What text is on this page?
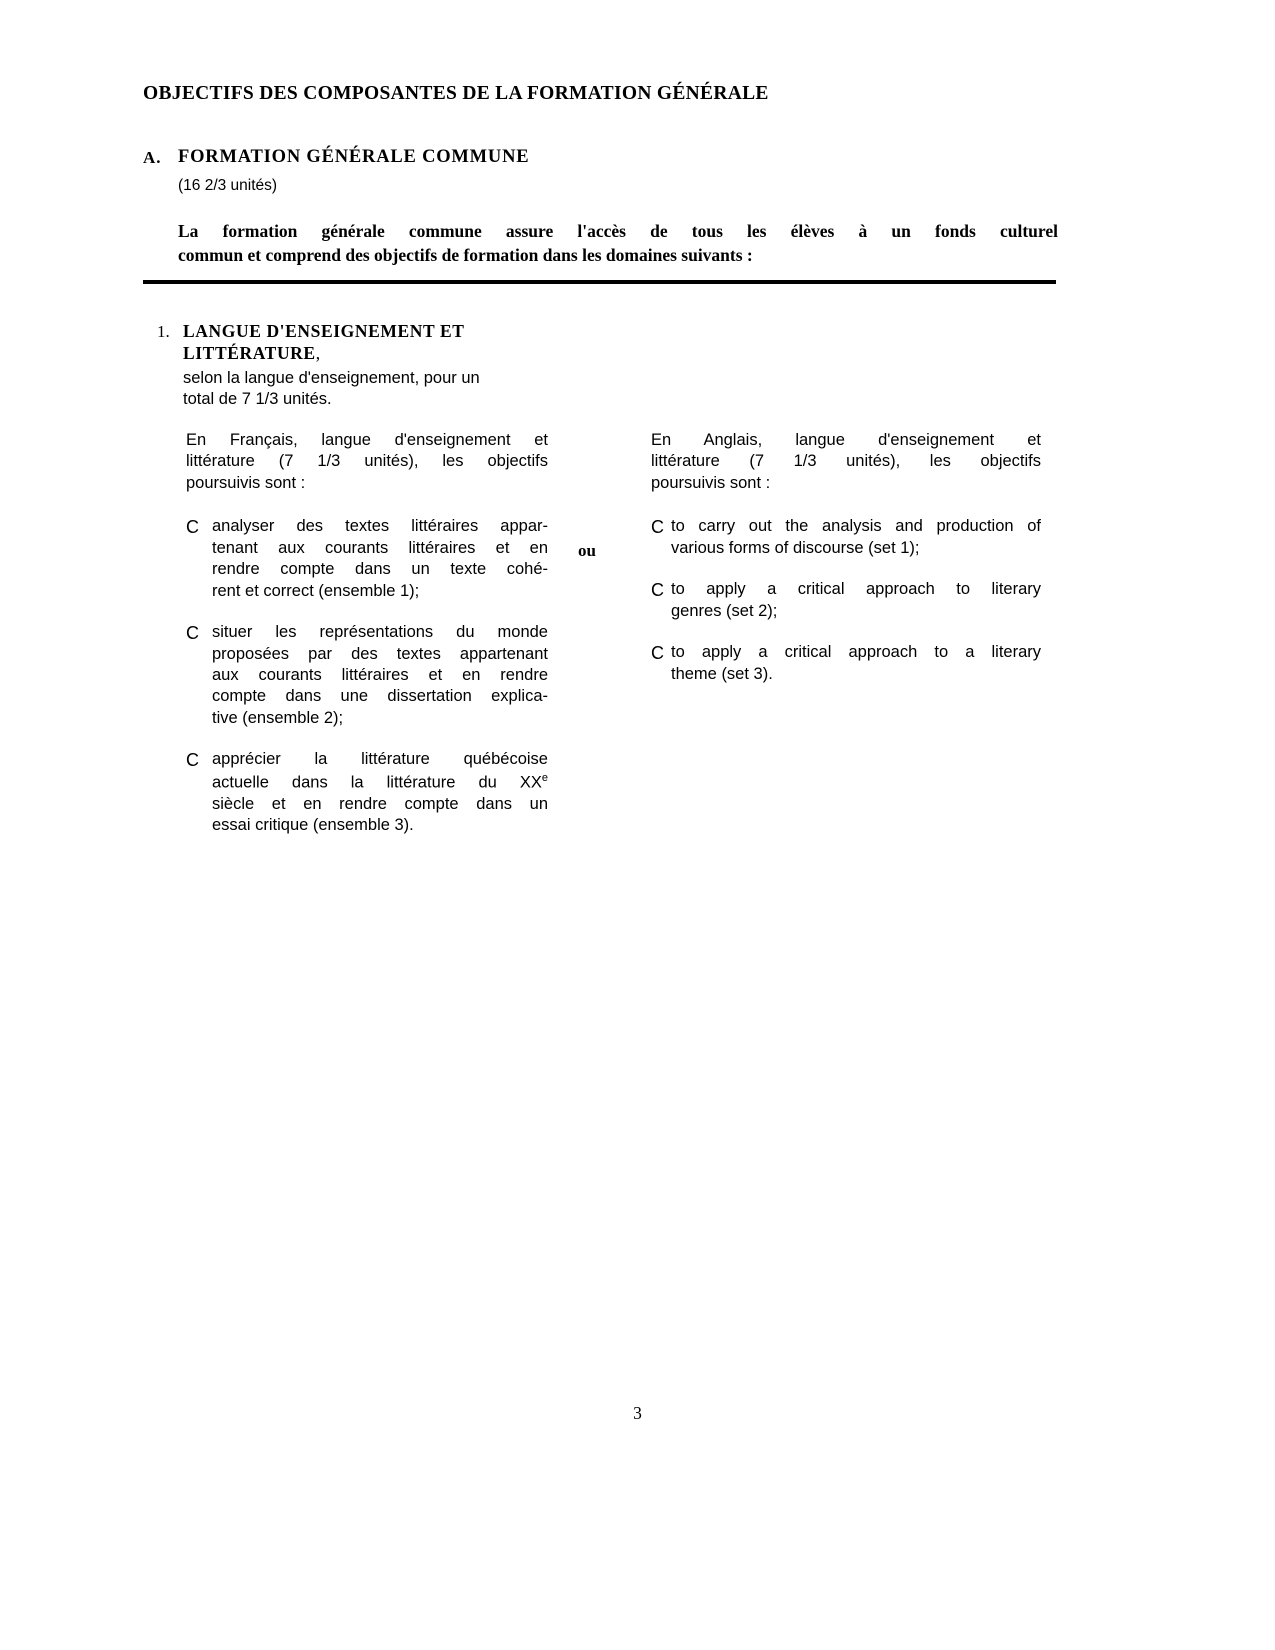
OBJECTIFS DES COMPOSANTES DE LA FORMATION GÉNÉRALE
A. FORMATION GÉNÉRALE COMMUNE
(16 2/3 unités)
La formation générale commune assure l'accès de tous les élèves à un fonds culturel
commun et comprend des objectifs de formation dans les domaines suivants :
1. LANGUE D'ENSEIGNEMENT ET
LITTÉRATURE,
selon la langue d'enseignement, pour un
total de 7 1/3 unités.
En Français, langue d'enseignement et
littérature (7 1/3 unités), les objectifs
poursuivis sont :
C analyser des textes littéraires appar-
tenant aux courants littéraires et en
rendre compte dans un texte cohé-
rent et correct (ensemble 1);
C situer les représentations du monde
proposées par des textes appartenant
aux courants littéraires et en rendre
compte dans une dissertation explica-
tive (ensemble 2);
C apprécier la littérature québécoise
actuelle dans la littérature du XXe
siècle et en rendre compte dans un
essai critique (ensemble 3).
ou
En Anglais, langue d'enseignement et
littérature (7 1/3 unités), les objectifs
poursuivis sont :
C to carry out the analysis and production of
various forms of discourse (set 1);
C to apply a critical approach to literary
genres (set 2);
C to apply a critical approach to a literary
theme (set 3).
3
